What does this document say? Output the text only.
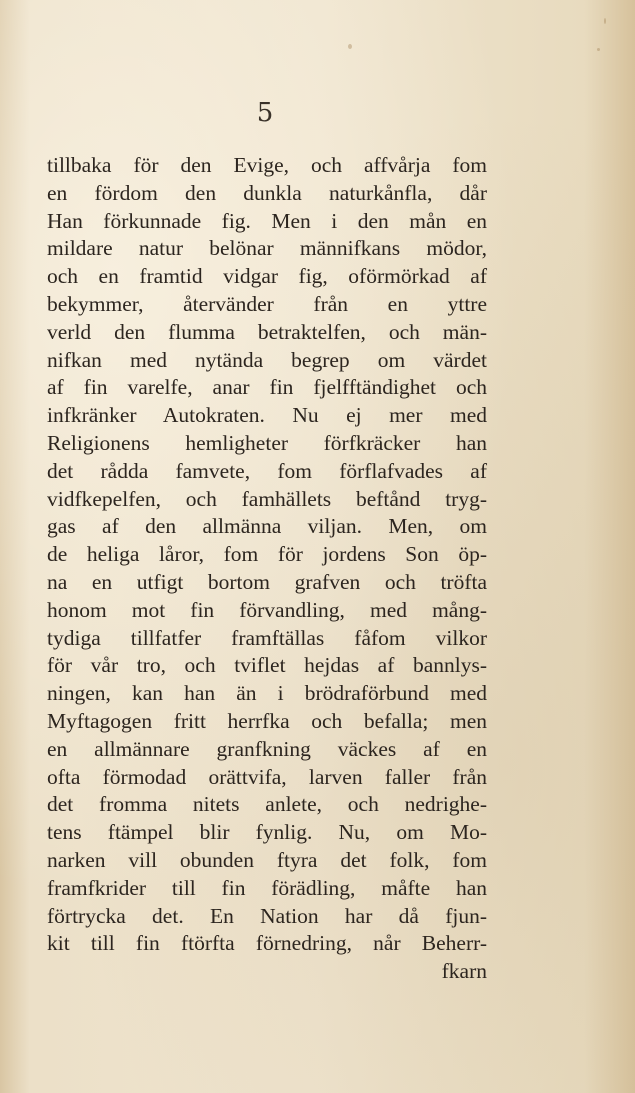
5
tillbaka för den Evige, och affvårja fom
en fördom den dunkla naturkånfla, dår
Han förkunnade fig. Men i den mån en
mildare natur belönar männifkans mödor,
och en framtid vidgar fig, oförmörkad af
bekymmer, återvänder från en yttre
verld den flumma betraktelfen, och män-
nifkan med nytända begrep om värdet
af fin varelfe, anar fin fjelfftändighet och
infkränker Autokraten. Nu ej mer med
Religionens hemligheter förfkräcker han
det rådda famvete, fom förflafvades af
vidfkepelfen, och famhällets beftånd tryg-
gas af den allmänna viljan. Men, om
de heliga låror, fom för jordens Son öp-
na en utfigt bortom grafven och tröfta
honom mot fin förvandling, med mång-
tydiga tillfatfer framftällas fåfom vilkor
för vår tro, och tviflet hejdas af bannlys-
ningen, kan han än i brödraförbund med
Myftagogen fritt herrfka och befalla; men
en allmännare granfkning väckes af en
ofta förmodad orättvifa, larven faller från
det fromma nitets anlete, och nedrighe-
tens ftämpel blir fynlig. Nu, om Mo-
narken vill obunden ftyra det folk, fom
framfkrider till fin förädling, måfte han
förtrycka det. En Nation har då fjun-
kit till fin ftörfta förnedring, når Beherr-
fkarn
